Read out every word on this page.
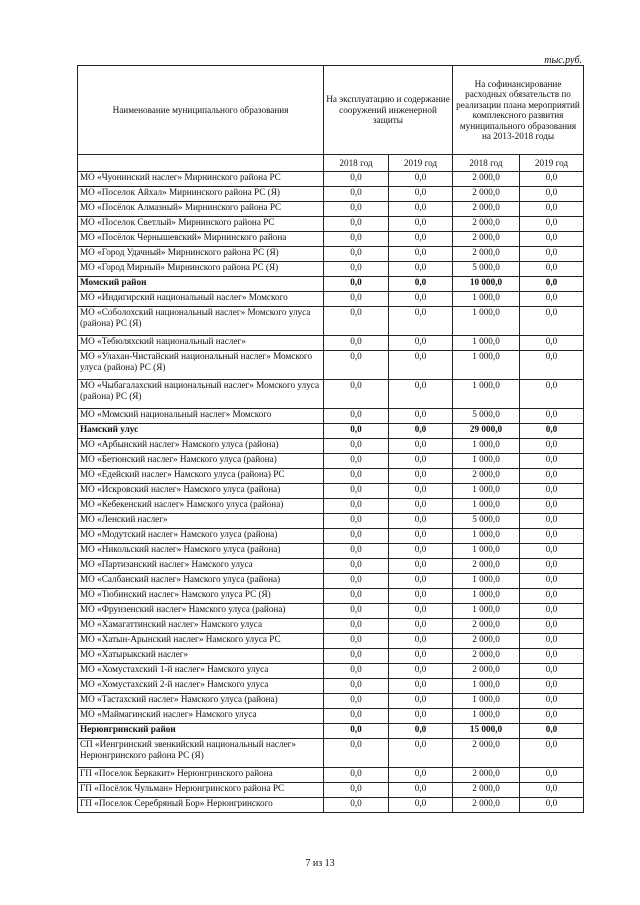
тыс.руб.
Наименование муниципального образования	На эксплуатацию и содержание сооружений инженерной защиты		На софинансирование расходных обязательств по реализации плана мероприятий комплексного развития муниципального образования на 2013-2018 годы	
	2018 год	2019 год	2018 год	2019 год
МО «Чуонинский наслег» Мирнинского района РС	0,0	0,0	2 000,0	0,0
МО «Поселок Айхал» Мирнинского района РС (Я)	0,0	0,0	2 000,0	0,0
МО «Посёлок Алмазный» Мирнинского района РС	0,0	0,0	2 000,0	0,0
МО «Поселок Светлый» Мирнинского района РС	0,0	0,0	2 000,0	0,0
МО «Посёлок Чернышевский» Мирнинского района	0,0	0,0	2 000,0	0,0
МО «Город Удачный» Мирнинского района РС (Я)	0,0	0,0	2 000,0	0,0
МО «Город Мирный» Мирнинского района РС (Я)	0,0	0,0	5 000,0	0,0
Момский район	0,0	0,0	10 000,0	0,0
МО «Индигирский национальный наслег» Момского	0,0	0,0	1 000,0	0,0
МО «Соболохский национальный наслег» Момского улуса (района) РС (Я)	0,0	0,0	1 000,0	0,0
МО «Тебюляхский национальный наслег»	0,0	0,0	1 000,0	0,0
МО «Улахан-Чистайский национальный наслег» Момского улуса (района) РС (Я)	0,0	0,0	1 000,0	0,0
МО «Чыбагалахский национальный наслег» Момского улуса (района) РС (Я)	0,0	0,0	1 000,0	0,0
МО «Момский национальный наслег» Момского	0,0	0,0	5 000,0	0,0
Намский улус	0,0	0,0	29 000,0	0,0
МО «Арбынский наслег» Намского улуса (района)	0,0	0,0	1 000,0	0,0
МО «Бетюнский наслег» Намского улуса (района)	0,0	0,0	1 000,0	0,0
МО «Едейский наслег» Намского улуса (района) РС	0,0	0,0	2 000,0	0,0
МО «Искровский наслег» Намского улуса (района)	0,0	0,0	1 000,0	0,0
МО «Кебекенский наслег» Намского улуса (района)	0,0	0,0	1 000,0	0,0
МО «Ленский наслег»	0,0	0,0	5 000,0	0,0
МО «Модутский наслег» Намского улуса (района)	0,0	0,0	1 000,0	0,0
МО «Никольский наслег» Намского улуса (района)	0,0	0,0	1 000,0	0,0
МО «Партизанский наслег» Намского улуса	0,0	0,0	2 000,0	0,0
МО «Салбанский наслег» Намского улуса (района)	0,0	0,0	1 000,0	0,0
МО «Тюбинский наслег» Намского улуса РС (Я)	0,0	0,0	1 000,0	0,0
МО «Фрунзенский наслег» Намского улуса (района)	0,0	0,0	1 000,0	0,0
МО «Хамагаттинский наслег» Намского улуса	0,0	0,0	2 000,0	0,0
МО «Хатын-Арынский наслег» Намского улуса РС	0,0	0,0	2 000,0	0,0
МО «Хатырыкский наслег»	0,0	0,0	2 000,0	0,0
МО «Хомустахский 1-й наслег» Намского улуса	0,0	0,0	2 000,0	0,0
МО «Хомустахский 2-й наслег» Намского улуса	0,0	0,0	1 000,0	0,0
МО «Тастахский наслег» Намского улуса (района)	0,0	0,0	1 000,0	0,0
МО «Маймагинский наслег» Намского улуса	0,0	0,0	1 000,0	0,0
Нерюнгринский район	0,0	0,0	15 000,0	0,0
СП «Иенгринский эвенкийский национальный наслег» Нерюнгринского района РС (Я)	0,0	0,0	2 000,0	0,0
ГП «Поселок Беркакит» Нерюнгринского района	0,0	0,0	2 000,0	0,0
ГП «Посёлок Чульман» Нерюнгринского района РС	0,0	0,0	2 000,0	0,0
ГП «Поселок Серебряный Бор» Нерюнгринского	0,0	0,0	2 000,0	0,0
7 из 13
